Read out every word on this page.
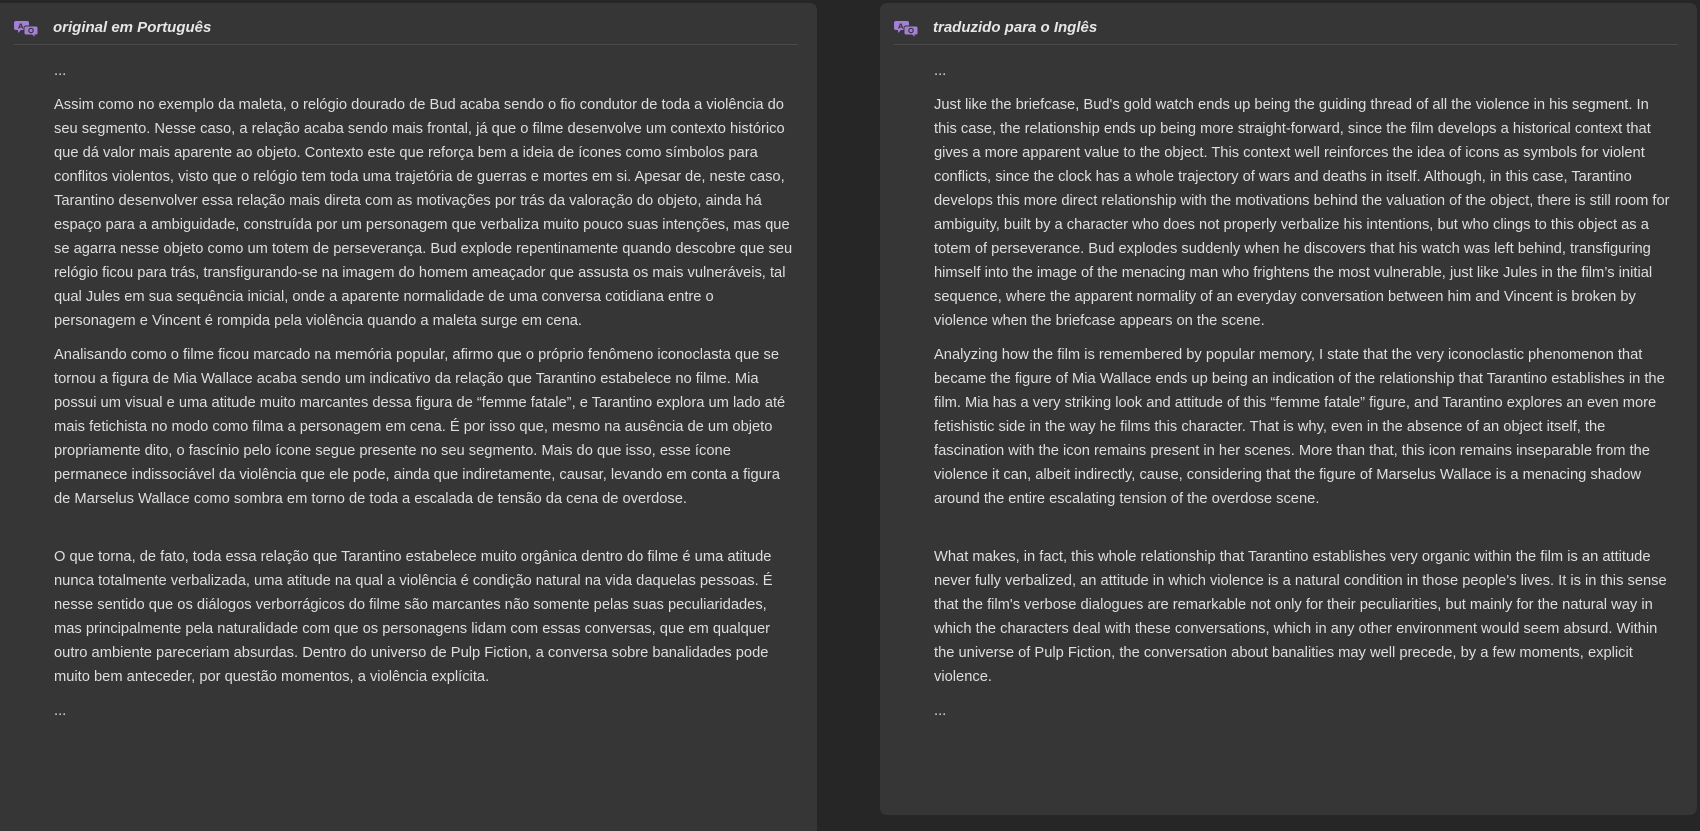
A original em Português

...

Assim como no exemplo da maleta, o relógio dourado de Bud acaba sendo o fio condutor de toda a violência do seu segmento. Nesse caso, a relação acaba sendo mais frontal, já que o filme desenvolve um contexto histórico que dá valor mais aparente ao objeto. Contexto este que reforça bem a ideia de ícones como símbolos para conflitos violentos, visto que o relógio tem toda uma trajetória de guerras e mortes em si. Apesar de, neste caso, Tarantino desenvolver essa relação mais direta com as motivações por trás da valoração do objeto, ainda há espaço para a ambiguidade, construída por um personagem que verbaliza muito pouco suas intenções, mas que se agarra nesse objeto como um totem de perseverança. Bud explode repentinamente quando descobre que seu relógio ficou para trás, transfigurando-se na imagem do homem ameaçador que assusta os mais vulneráveis, tal qual Jules em sua sequência inicial, onde a aparente normalidade de uma conversa cotidiana entre o personagem e Vincent é rompida pela violência quando a maleta surge em cena.

Analisando como o filme ficou marcado na memória popular, afirmo que o próprio fenômeno iconoclasta que se tornou a figura de Mia Wallace acaba sendo um indicativo da relação que Tarantino estabelece no filme. Mia possui um visual e uma atitude muito marcantes dessa figura de “femme fatale”, e Tarantino explora um lado até mais fetichista no modo como filma a personagem em cena. É por isso que, mesmo na ausência de um objeto propriamente dito, o fascínio pelo ícone segue presente no seu segmento. Mais do que isso, esse ícone permanece indissociável da violência que ele pode, ainda que indiretamente, causar, levando em conta a figura de Marselus Wallace como sombra em torno de toda a escalada de tensão da cena de overdose.

O que torna, de fato, toda essa relação que Tarantino estabelece muito orgânica dentro do filme é uma atitude nunca totalmente verbalizada, uma atitude na qual a violência é condição natural na vida daquelas pessoas. É nesse sentido que os diálogos verborrágicos do filme são marcantes não somente pelas suas peculiaridades, mas principalmente pela naturalidade com que os personagens lidam com essas conversas, que em qualquer outro ambiente pareceriam absurdas. Dentro do universo de Pulp Fiction, a conversa sobre banalidades pode muito bem anteceder, por questão momentos, a violência explícita.

...

A traduzido para o Inglês

...

Just like the briefcase, Bud's gold watch ends up being the guiding thread of all the violence in his segment. In this case, the relationship ends up being more straight-forward, since the film develops a historical context that gives a more apparent value to the object. This context well reinforces the idea of icons as symbols for violent conflicts, since the clock has a whole trajectory of wars and deaths in itself. Although, in this case, Tarantino develops this more direct relationship with the motivations behind the valuation of the object, there is still room for ambiguity, built by a character who does not properly verbalize his intentions, but who clings to this object as a totem of perseverance. Bud explodes suddenly when he discovers that his watch was left behind, transfiguring himself into the image of the menacing man who frightens the most vulnerable, just like Jules in the film’s initial sequence, where the apparent normality of an everyday conversation between him and Vincent is broken by violence when the briefcase appears on the scene.

Analyzing how the film is remembered by popular memory, I state that the very iconoclastic phenomenon that became the figure of Mia Wallace ends up being an indication of the relationship that Tarantino establishes in the film. Mia has a very striking look and attitude of this “femme fatale” figure, and Tarantino explores an even more fetishistic side in the way he films this character. That is why, even in the absence of an object itself, the fascination with the icon remains present in her scenes. More than that, this icon remains inseparable from the violence it can, albeit indirectly, cause, considering that the figure of Marselus Wallace is a menacing shadow around the entire escalating tension of the overdose scene.

What makes, in fact, this whole relationship that Tarantino establishes very organic within the film is an attitude never fully verbalized, an attitude in which violence is a natural condition in those people's lives. It is in this sense that the film's verbose dialogues are remarkable not only for their peculiarities, but mainly for the natural way in which the characters deal with these conversations, which in any other environment would seem absurd. Within the universe of Pulp Fiction, the conversation about banalities may well precede, by a few moments, explicit violence.

...
